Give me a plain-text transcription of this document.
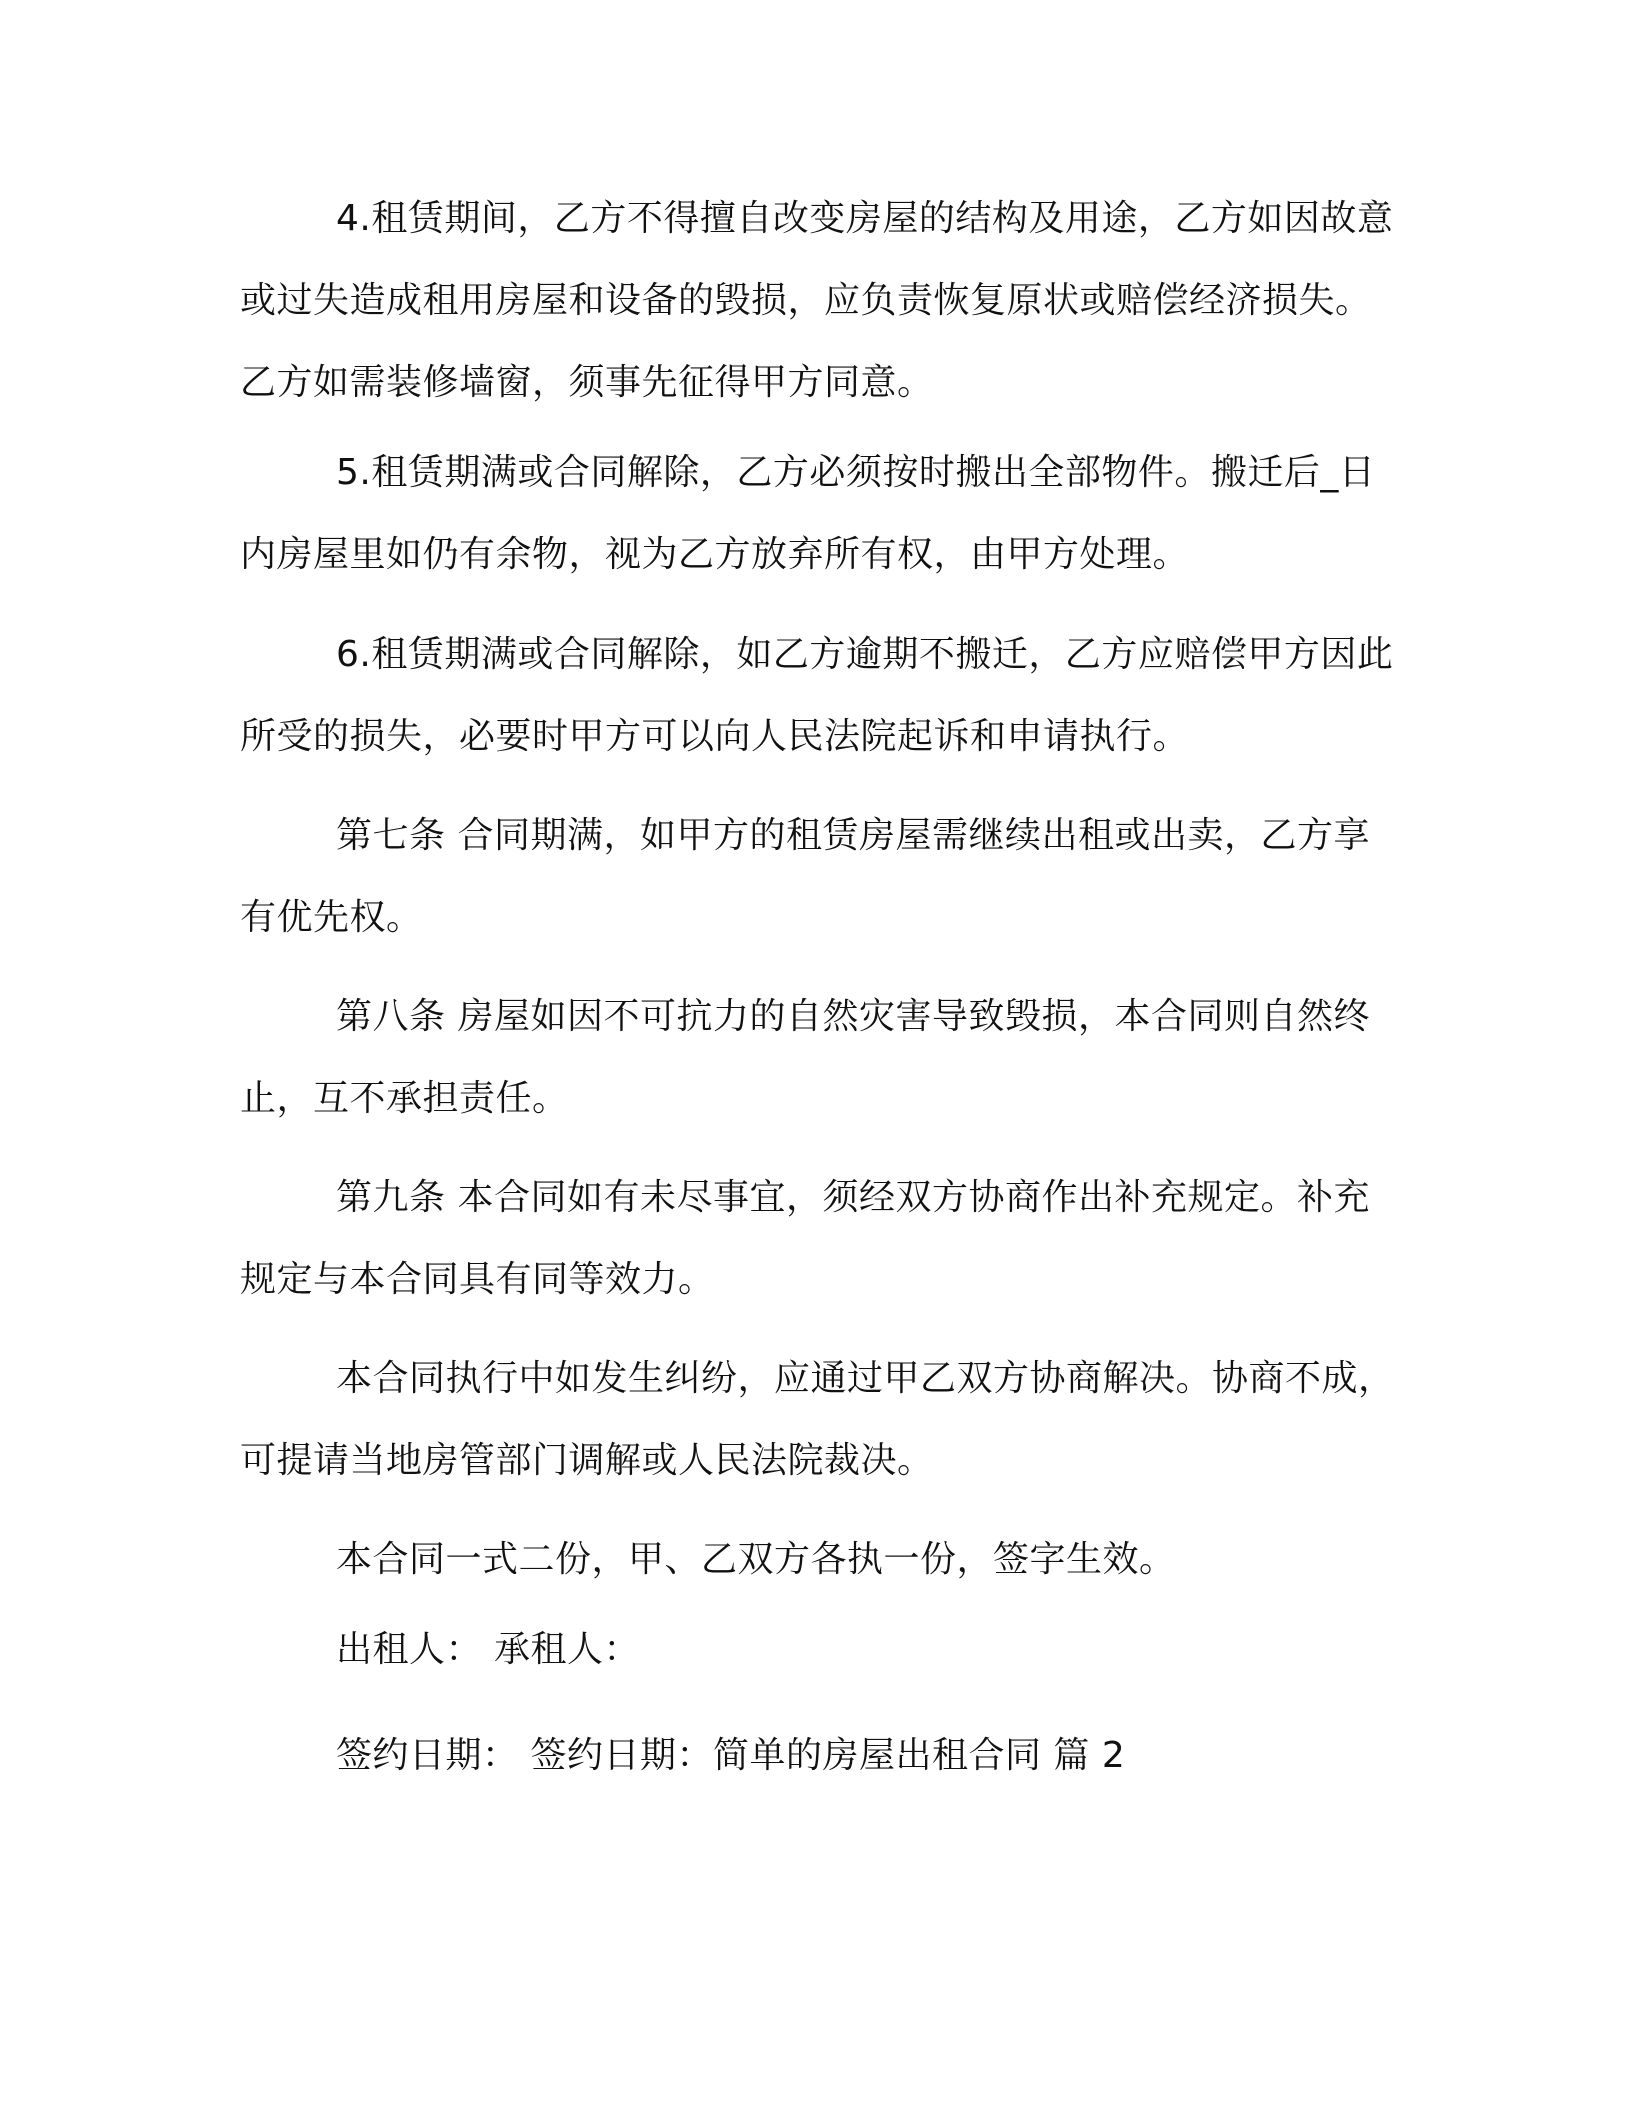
4.租赁期间，乙方不得擅自改变房屋的结构及用途，乙方如因故意或过失造成租用房屋和设备的毁损，应负责恢复原状或赔偿经济损失。乙方如需装修墙窗，须事先征得甲方同意。

5.租赁期满或合同解除，乙方必须按时搬出全部物件。搬迁后_日内房屋里如仍有余物，视为乙方放弃所有权，由甲方处理。

6.租赁期满或合同解除，如乙方逾期不搬迁，乙方应赔偿甲方因此所受的损失，必要时甲方可以向人民法院起诉和申请执行。

第七条 合同期满，如甲方的租赁房屋需继续出租或出卖，乙方享有优先权。

第八条 房屋如因不可抗力的自然灾害导致毁损，本合同则自然终止，互不承担责任。

第九条 本合同如有未尽事宜，须经双方协商作出补充规定。补充规定与本合同具有同等效力。

本合同执行中如发生纠纷，应通过甲乙双方协商解决。协商不成，可提请当地房管部门调解或人民法院裁决。

本合同一式二份，甲、乙双方各执一份，签字生效。

出租人： 承租人：

签约日期： 签约日期：简单的房屋出租合同 篇 2
